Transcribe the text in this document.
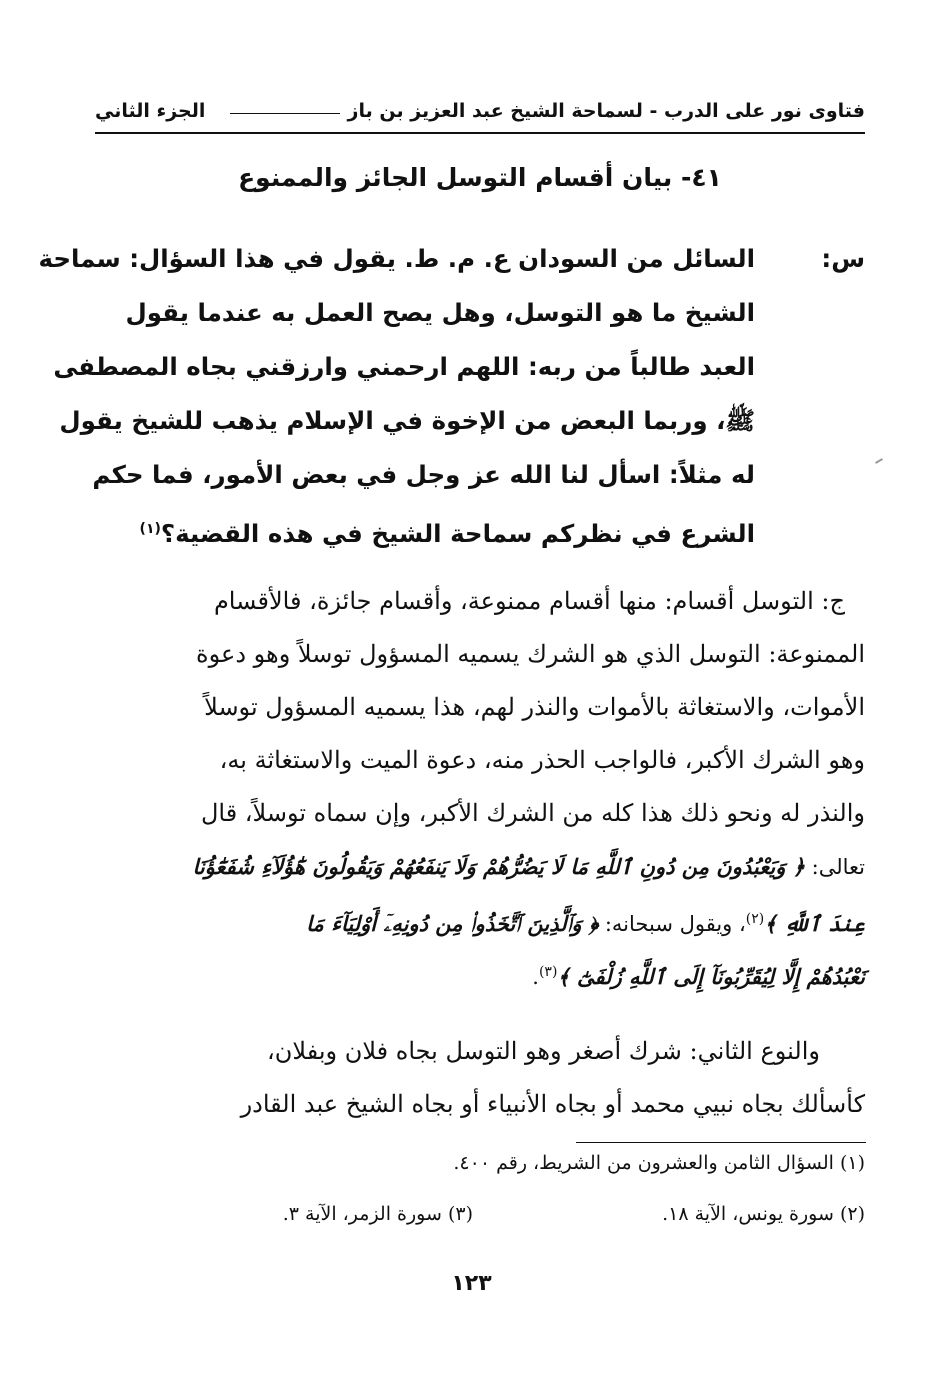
فتاوى نور على الدرب - لسماحة الشيخ عبد العزيز بن باز
الجزء الثاني
٤١- بيان أقسام التوسل الجائز والممنوع
س:
السائل من السودان ع. م. ط. يقول في هذا السؤال: سماحة
الشيخ ما هو التوسل، وهل يصح العمل به عندما يقول
العبد طالباً من ربه: اللهم ارحمني وارزقني بجاه المصطفى
ﷺ، وربما البعض من الإخوة في الإسلام يذهب للشيخ يقول
له مثلاً: اسأل لنا الله عز وجل في بعض الأمور، فما حكم
الشرع في نظركم سماحة الشيخ في هذه القضية؟$^{(١)}$
ج: التوسل أقسام: منها أقسام ممنوعة، وأقسام جائزة، فالأقسام
الممنوعة: التوسل الذي هو الشرك يسميه المسؤول توسلاً وهو دعوة
الأموات، والاستغاثة بالأموات والنذر لهم، هذا يسميه المسؤول توسلاً
وهو الشرك الأكبر، فالواجب الحذر منه، دعوة الميت والاستغاثة به،
والنذر له ونحو ذلك هذا كله من الشرك الأكبر، وإن سماه توسلاً، قال
تعالى: ﴿ وَيَعْبُدُونَ مِن دُونِ ٱللَّهِ مَا لَا يَضُرُّهُمْ وَلَا يَنفَعُهُمْ وَيَقُولُونَ هَٰٓؤُلَآءِ شُفَعَٰٓؤُنَا
عِندَ ٱللَّهِ ﴾$^{(٢)}$، ويقول سبحانه: ﴿ وَٱلَّذِينَ ٱتَّخَذُوا۟ مِن دُونِهِۦٓ أَوْلِيَآءَ مَا
نَعْبُدُهُمْ إِلَّا لِيُقَرِّبُونَآ إِلَى ٱللَّهِ زُلْفَىٰٓ ﴾$^{(٣)}$.
والنوع الثاني: شرك أصغر وهو التوسل بجاه فلان وبفلان،
كأسألك بجاه نبيي محمد أو بجاه الأنبياء أو بجاه الشيخ عبد القادر
(١) السؤال الثامن والعشرون من الشريط، رقم ٤٠٠.
(٢) سورة يونس، الآية ١٨.
(٣) سورة الزمر، الآية ٣.
١٢٣
